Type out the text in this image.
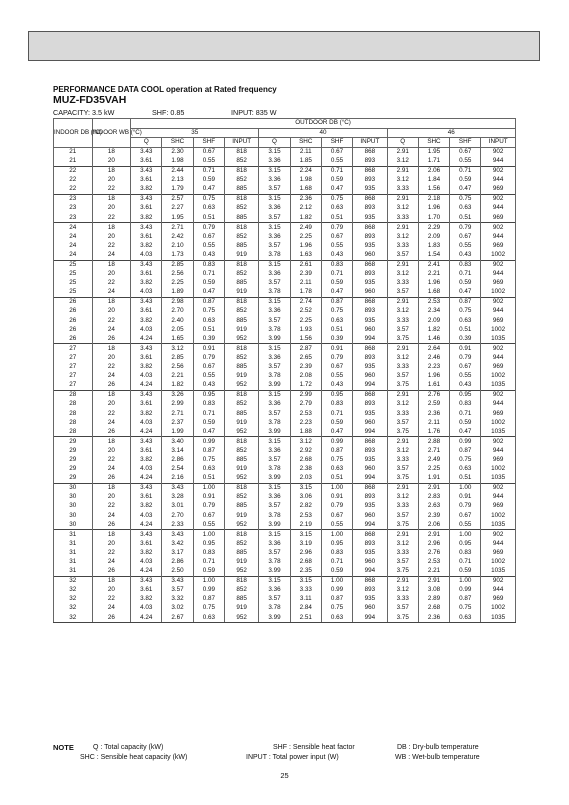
PERFORMANCE DATA COOL operation at Rated frequency
MUZ-FD35VAH
CAPACITY: 3.5 kW	SHF: 0.85	INPUT: 835 W
INDOOR DB (°C)	INDOOR WB (°C)	OUTDOOR DB (°C)											
		35				40				46			
		Q	SHC	SHF	INPUT	Q	SHC	SHF	INPUT	Q	SHC	SHF	INPUT
21	18	3.43	2.30	0.67	818	3.15	2.11	0.67	868	2.91	1.95	0.67	902
21	20	3.61	1.98	0.55	852	3.36	1.85	0.55	893	3.12	1.71	0.55	944
22	18	3.43	2.44	0.71	818	3.15	2.24	0.71	868	2.91	2.06	0.71	902
22	20	3.61	2.13	0.59	852	3.36	1.98	0.59	893	3.12	1.84	0.59	944
22	22	3.82	1.79	0.47	885	3.57	1.68	0.47	935	3.33	1.56	0.47	969
23	18	3.43	2.57	0.75	818	3.15	2.36	0.75	868	2.91	2.18	0.75	902
23	20	3.61	2.27	0.63	852	3.36	2.12	0.63	893	3.12	1.96	0.63	944
23	22	3.82	1.95	0.51	885	3.57	1.82	0.51	935	3.33	1.70	0.51	969
24	18	3.43	2.71	0.79	818	3.15	2.49	0.79	868	2.91	2.29	0.79	902
24	20	3.61	2.42	0.67	852	3.36	2.25	0.67	893	3.12	2.09	0.67	944
24	22	3.82	2.10	0.55	885	3.57	1.96	0.55	935	3.33	1.83	0.55	969
24	24	4.03	1.73	0.43	919	3.78	1.63	0.43	960	3.57	1.54	0.43	1002
25	18	3.43	2.85	0.83	818	3.15	2.61	0.83	868	2.91	2.41	0.83	902
25	20	3.61	2.56	0.71	852	3.36	2.39	0.71	893	3.12	2.21	0.71	944
25	22	3.82	2.25	0.59	885	3.57	2.11	0.59	935	3.33	1.96	0.59	969
25	24	4.03	1.89	0.47	919	3.78	1.78	0.47	960	3.57	1.68	0.47	1002
26	18	3.43	2.98	0.87	818	3.15	2.74	0.87	868	2.91	2.53	0.87	902
26	20	3.61	2.70	0.75	852	3.36	2.52	0.75	893	3.12	2.34	0.75	944
26	22	3.82	2.40	0.63	885	3.57	2.25	0.63	935	3.33	2.09	0.63	969
26	24	4.03	2.05	0.51	919	3.78	1.93	0.51	960	3.57	1.82	0.51	1002
26	26	4.24	1.65	0.39	952	3.99	1.56	0.39	994	3.75	1.46	0.39	1035
27	18	3.43	3.12	0.91	818	3.15	2.87	0.91	868	2.91	2.64	0.91	902
27	20	3.61	2.85	0.79	852	3.36	2.65	0.79	893	3.12	2.46	0.79	944
27	22	3.82	2.56	0.67	885	3.57	2.39	0.67	935	3.33	2.23	0.67	969
27	24	4.03	2.21	0.55	919	3.78	2.08	0.55	960	3.57	1.96	0.55	1002
27	26	4.24	1.82	0.43	952	3.99	1.72	0.43	994	3.75	1.61	0.43	1035
28	18	3.43	3.26	0.95	818	3.15	2.99	0.95	868	2.91	2.76	0.95	902
28	20	3.61	2.99	0.83	852	3.36	2.79	0.83	893	3.12	2.59	0.83	944
28	22	3.82	2.71	0.71	885	3.57	2.53	0.71	935	3.33	2.36	0.71	969
28	24	4.03	2.37	0.59	919	3.78	2.23	0.59	960	3.57	2.11	0.59	1002
28	26	4.24	1.99	0.47	952	3.99	1.88	0.47	994	3.75	1.76	0.47	1035
29	18	3.43	3.40	0.99	818	3.15	3.12	0.99	868	2.91	2.88	0.99	902
29	20	3.61	3.14	0.87	852	3.36	2.92	0.87	893	3.12	2.71	0.87	944
29	22	3.82	2.86	0.75	885	3.57	2.68	0.75	935	3.33	2.49	0.75	969
29	24	4.03	2.54	0.63	919	3.78	2.38	0.63	960	3.57	2.25	0.63	1002
29	26	4.24	2.16	0.51	952	3.99	2.03	0.51	994	3.75	1.91	0.51	1035
30	18	3.43	3.43	1.00	818	3.15	3.15	1.00	868	2.91	2.91	1.00	902
30	20	3.61	3.28	0.91	852	3.36	3.06	0.91	893	3.12	2.83	0.91	944
30	22	3.82	3.01	0.79	885	3.57	2.82	0.79	935	3.33	2.63	0.79	969
30	24	4.03	2.70	0.67	919	3.78	2.53	0.67	960	3.57	2.39	0.67	1002
30	26	4.24	2.33	0.55	952	3.99	2.19	0.55	994	3.75	2.06	0.55	1035
31	18	3.43	3.43	1.00	818	3.15	3.15	1.00	868	2.91	2.91	1.00	902
31	20	3.61	3.42	0.95	852	3.36	3.19	0.95	893	3.12	2.96	0.95	944
31	22	3.82	3.17	0.83	885	3.57	2.96	0.83	935	3.33	2.76	0.83	969
31	24	4.03	2.86	0.71	919	3.78	2.68	0.71	960	3.57	2.53	0.71	1002
31	26	4.24	2.50	0.59	952	3.99	2.35	0.59	994	3.75	2.21	0.59	1035
32	18	3.43	3.43	1.00	818	3.15	3.15	1.00	868	2.91	2.91	1.00	902
32	20	3.61	3.57	0.99	852	3.36	3.33	0.99	893	3.12	3.08	0.99	944
32	22	3.82	3.32	0.87	885	3.57	3.11	0.87	935	3.33	2.89	0.87	969
32	24	4.03	3.02	0.75	919	3.78	2.84	0.75	960	3.57	2.68	0.75	1002
32	26	4.24	2.67	0.63	952	3.99	2.51	0.63	994	3.75	2.36	0.63	1035
NOTE	Q : Total capacity (kW)	SHF : Sensible heat factor	DB : Dry-bulb temperature
SHC : Sensible heat capacity (kW)	INPUT : Total power input (W)	WB : Wet-bulb temperature
25
